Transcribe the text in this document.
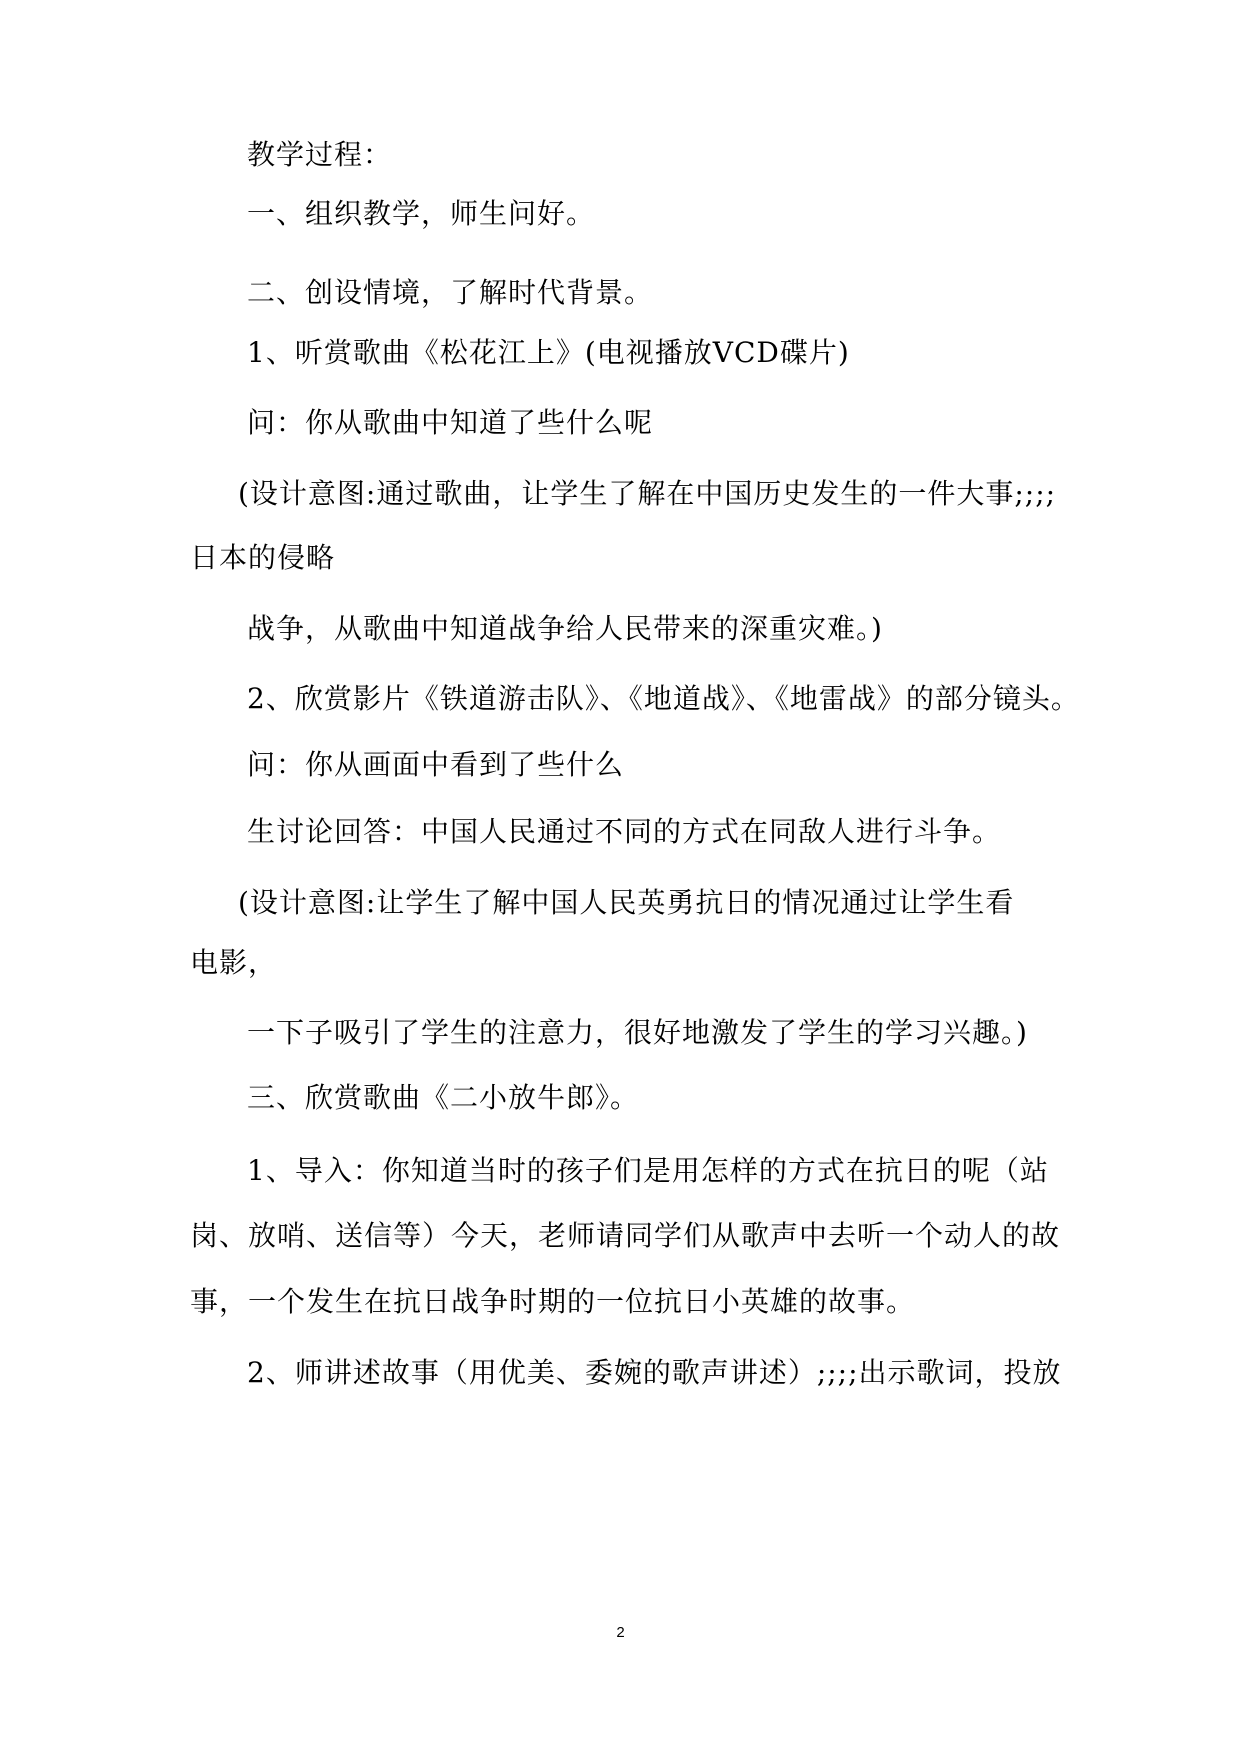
教学过程：
一、组织教学，师生问好。
二、创设情境，了解时代背景。
1、听赏歌曲《松花江上》(电视播放VCD碟片)
问：你从歌曲中知道了些什么呢
(设计意图:通过歌曲，让学生了解在中国历史发生的一件大事;;;;
日本的侵略
战争，从歌曲中知道战争给人民带来的深重灾难。)
2、欣赏影片《铁道游击队》、《地道战》、《地雷战》的部分镜头。
问：你从画面中看到了些什么
生讨论回答：中国人民通过不同的方式在同敌人进行斗争。
(设计意图:让学生了解中国人民英勇抗日的情况通过让学生看
电影，
一下子吸引了学生的注意力，很好地激发了学生的学习兴趣。)
三、欣赏歌曲《二小放牛郎》。
1、导入：你知道当时的孩子们是用怎样的方式在抗日的呢（站
岗、放哨、送信等）今天，老师请同学们从歌声中去听一个动人的故
事，一个发生在抗日战争时期的一位抗日小英雄的故事。
2、师讲述故事（用优美、委婉的歌声讲述）;;;;出示歌词，投放
2
